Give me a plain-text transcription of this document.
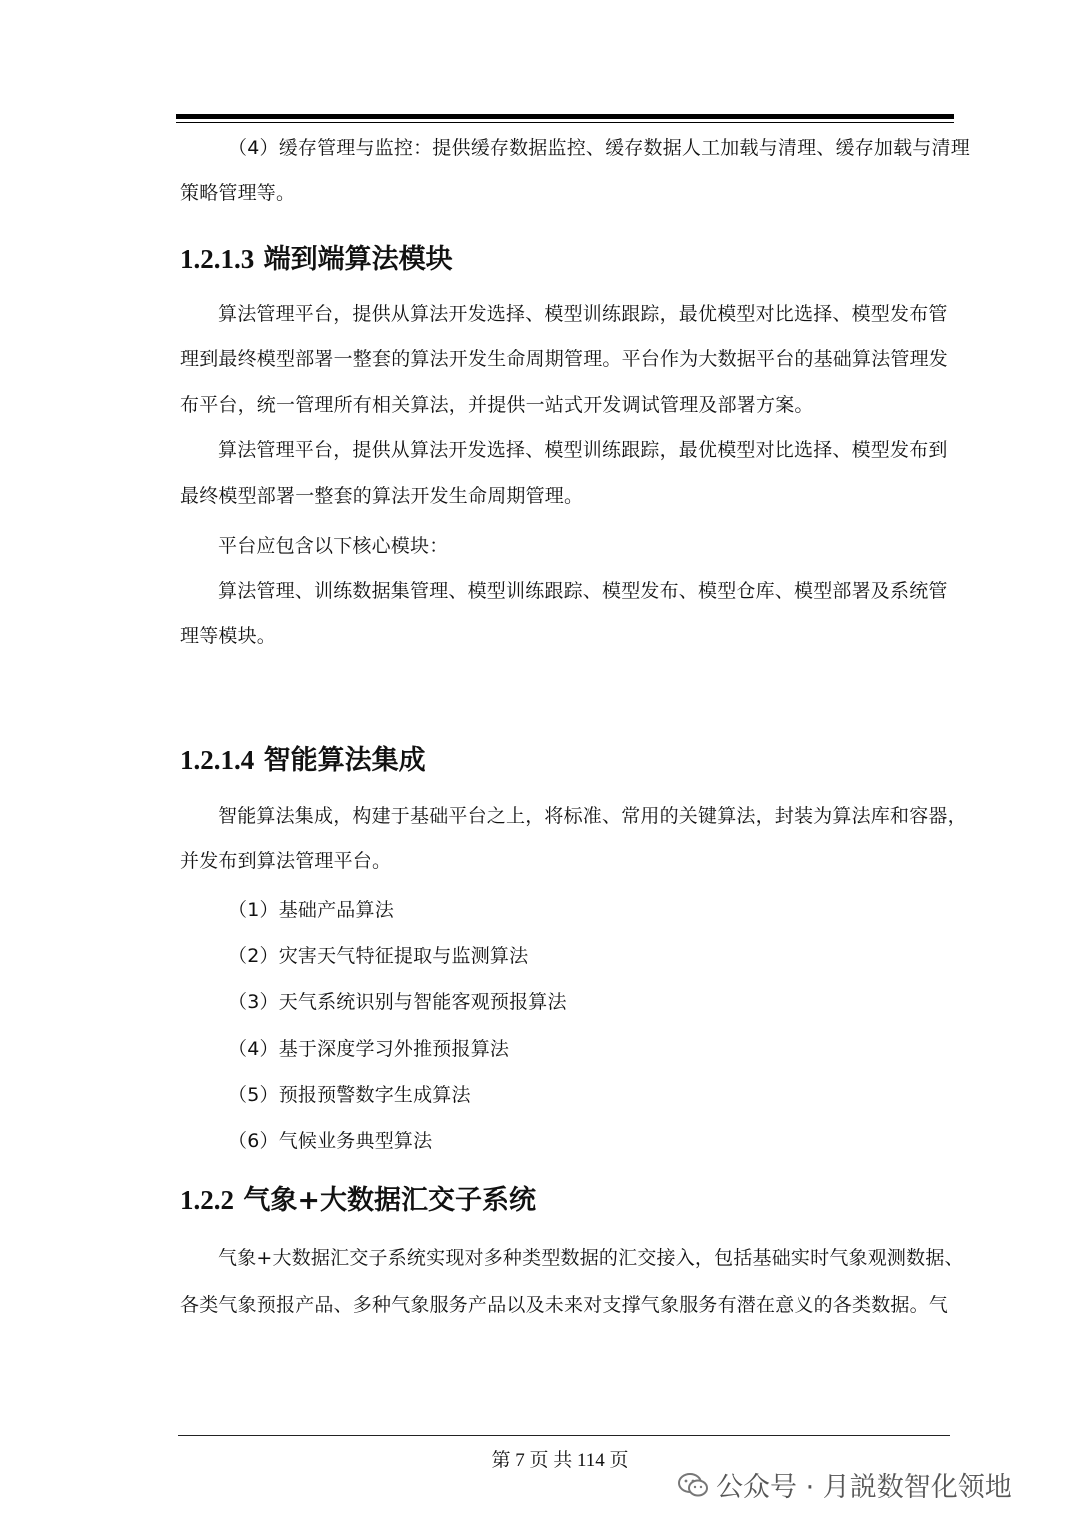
（4）缓存管理与监控：提供缓存数据监控、缓存数据人工加载与清理、缓存加载与清理
策略管理等。
1.2.1.3 端到端算法模块
算法管理平台，提供从算法开发选择、模型训练跟踪，最优模型对比选择、模型发布管
理到最终模型部署一整套的算法开发生命周期管理。平台作为大数据平台的基础算法管理发
布平台，统一管理所有相关算法，并提供一站式开发调试管理及部署方案。
算法管理平台，提供从算法开发选择、模型训练跟踪，最优模型对比选择、模型发布到
最终模型部署一整套的算法开发生命周期管理。
平台应包含以下核心模块：
算法管理、训练数据集管理、模型训练跟踪、模型发布、模型仓库、模型部署及系统管
理等模块。
1.2.1.4 智能算法集成
智能算法集成，构建于基础平台之上，将标准、常用的关键算法，封装为算法库和容器，
并发布到算法管理平台。
（1）基础产品算法
（2）灾害天气特征提取与监测算法
（3）天气系统识别与智能客观预报算法
（4）基于深度学习外推预报算法
（5）预报预警数字生成算法
（6）气候业务典型算法
1.2.2 气象+大数据汇交子系统
气象+大数据汇交子系统实现对多种类型数据的汇交接入，包括基础实时气象观测数据、
各类气象预报产品、多种气象服务产品以及未来对支撑气象服务有潜在意义的各类数据。气
第 7 页 共 114 页
公众号 · 月説数智化领地
